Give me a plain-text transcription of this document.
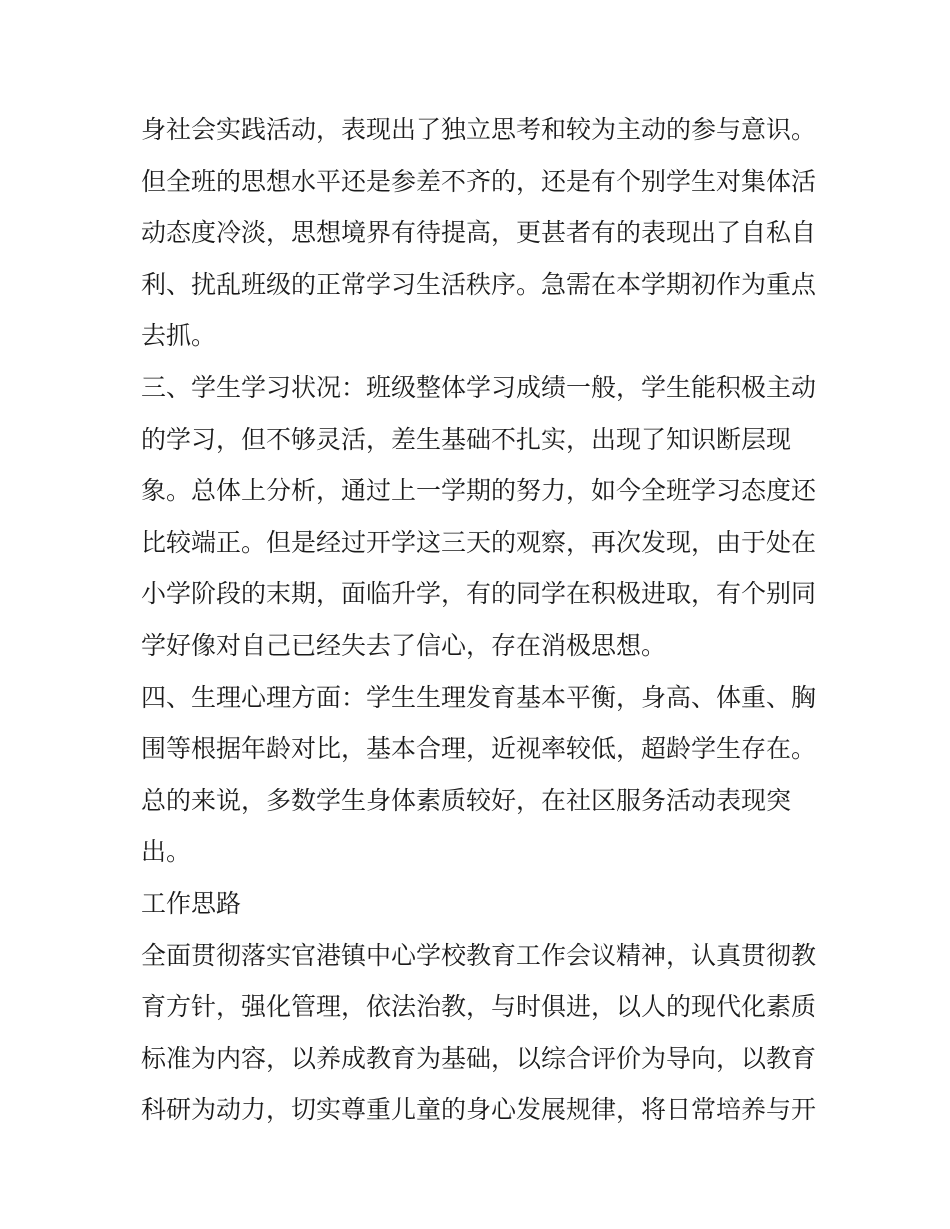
身社会实践活动，表现出了独立思考和较为主动的参与意识。
但全班的思想水平还是参差不齐的，还是有个别学生对集体活
动态度冷淡，思想境界有待提高，更甚者有的表现出了自私自
利、扰乱班级的正常学习生活秩序。急需在本学期初作为重点
去抓。
三、学生学习状况：班级整体学习成绩一般，学生能积极主动
的学习，但不够灵活，差生基础不扎实，出现了知识断层现
象。总体上分析，通过上一学期的努力，如今全班学习态度还
比较端正。但是经过开学这三天的观察，再次发现，由于处在
小学阶段的末期，面临升学，有的同学在积极进取，有个别同
学好像对自己已经失去了信心，存在消极思想。
四、生理心理方面：学生生理发育基本平衡，身高、体重、胸
围等根据年龄对比，基本合理，近视率较低，超龄学生存在。
总的来说，多数学生身体素质较好，在社区服务活动表现突
出。
工作思路
全面贯彻落实官港镇中心学校教育工作会议精神，认真贯彻教
育方针，强化管理，依法治教，与时俱进，以人的现代化素质
标准为内容，以养成教育为基础，以综合评价为导向，以教育
科研为动力，切实尊重儿童的身心发展规律，将日常培养与开
